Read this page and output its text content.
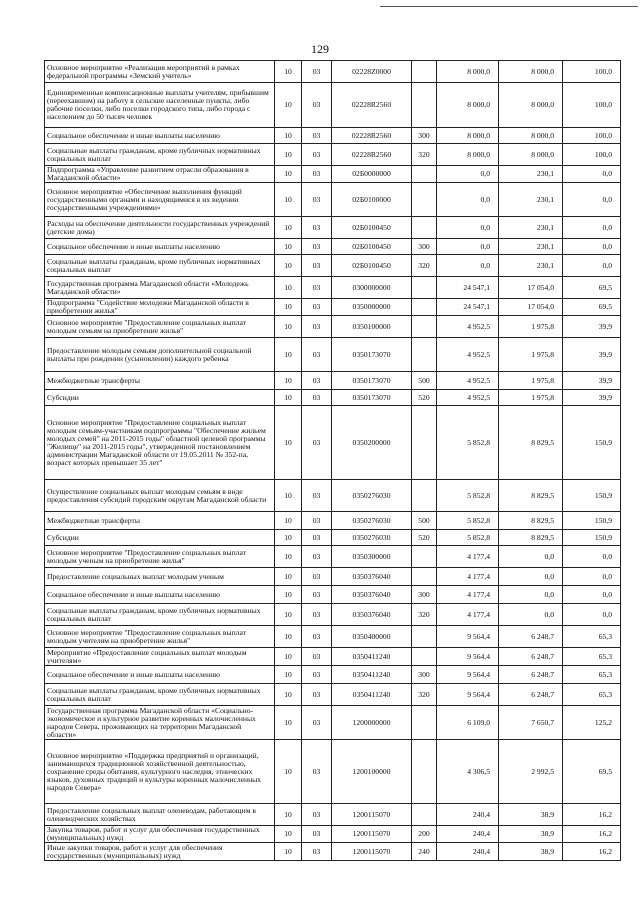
129
Основное мероприятие «Реализация мероприятий в рамках федеральной программы «Земский учитель»	10	03	02228Z0000		8 000,0	8 000,0	100,0
Единовременные компенсационные выплаты учителям, прибывшим (переехавшим) на работу в сельские населенные пункты, либо рабочие поселки, либо поселки городского типа, либо города с населением до 50 тысяч человек	10	03	02228R2560		8 000,0	8 000,0	100,0
Социальное обеспечение и иные выплаты населению	10	03	02228R2560	300	8 000,0	8 000,0	100,0
Социальные выплаты гражданам, кроме публичных нормативных социальных выплат	10	03	02228R2560	320	8 000,0	8 000,0	100,0
Подпрограмма «Управление развитием отрасли образования в Магаданской области»	10	03	02Б0000000		0,0	230,1	0,0
Основное мероприятие «Обеспечение выполнения функций государственными органами и находящимися в их ведении государственными учреждениями»	10	03	02Б0100000		0,0	230,1	0,0
Расходы на обеспечение деятельности государственных учреждений (детские дома)	10	03	02Б0100450		0,0	230,1	0,0
Социальное обеспечение и иные выплаты населению	10	03	02Б0100450	300	0,0	230,1	0,0
Социальные выплаты гражданам, кроме публичных нормативных социальных выплат	10	03	02Б0100450	320	0,0	230,1	0,0
Государственная программа Магаданской области «Молодежь Магаданской области»	10	03	0300000000		24 547,1	17 054,0	69,5
Подпрограмма "Содействие молодежи Магаданской области в приобретении жилья"	10	03	0350000000		24 547,1	17 054,0	69,5
Основное мероприятие "Предоставление социальных выплат молодым семьям на приобретение жилья"	10	03	0350100000		4 952,5	1 975,8	39,9
Предоставление молодым семьям дополнительной социальной выплаты при рождении (усыновлении) каждого ребенка	10	03	0350173070		4 952,5	1 975,8	39,9
Межбюджетные трансферты	10	03	0350173070	500	4 952,5	1 975,8	39,9
Субсидии	10	03	0350173070	520	4 952,5	1 975,8	39,9
Основное мероприятие "Предоставление социальных выплат молодым семьям-участникам подпрограммы "Обеспечение жильем молодых семей" на 2011-2015 годы" областной целевой программы "Жилище" на 2011-2015 годы", утвержденной постановлением администрации Магаданской области от 19.05.2011 № 352-па, возраст которых превышает 35 лет"	10	03	0350200000		5 852,8	8 829,5	150,9
Осуществление социальных выплат молодым семьям в виде предоставления субсидий городским округам Магаданской области	10	03	0350276030		5 852,8	8 829,5	150,9
Межбюджетные трансферты	10	03	0350276030	500	5 852,8	8 829,5	150,9
Субсидии	10	03	0350276030	520	5 852,8	8 829,5	150,9
Основное мероприятие "Предоставление социальных выплат молодым ученым на приобретение жилья"	10	03	0350300000		4 177,4	0,0	0,0
Предоставление социальных выплат молодым ученым	10	03	0350376040		4 177,4	0,0	0,0
Социальное обеспечение и иные выплаты населению	10	03	0350376040	300	4 177,4	0,0	0,0
Социальные выплаты гражданам, кроме публичных нормативных социальных выплат	10	03	0350376040	320	4 177,4	0,0	0,0
Основное мероприятие "Предоставление социальных выплат молодым учителям на приобретение жилья"	10	03	0350400000		9 564,4	6 248,7	65,3
Мероприятие «Предоставление социальных выплат молодым учителям»	10	03	0350411240		9 564,4	6 248,7	65,3
Социальное обеспечение и иные выплаты населению	10	03	0350411240	300	9 564,4	6 248,7	65,3
Социальные выплаты гражданам, кроме публичных нормативных социальных выплат	10	03	0350411240	320	9 564,4	6 248,7	65,3
Государственная программа Магаданской области «Социально-экономическое и культурное развитие коренных малочисленных народов Севера, проживающих на территории Магаданской области»	10	03	1200000000		6 109,0	7 650,7	125,2
Основное мероприятие «Поддержка предприятий и организаций, занимающихся традиционной хозяйственной деятельностью, сохранение среды обитания, культурного наследия, этнических языков, духовных традиций и культуры коренных малочисленных народов Севера»	10	03	1200100000		4 306,5	2 992,5	69,5
Предоставление социальных выплат оленеводам, работающим в оленеводческих хозяйствах	10	03	1200115070		240,4	38,9	16,2
Закупка товаров, работ и услуг для обеспечения государственных (муниципальных) нужд	10	03	1200115070	200	240,4	38,9	16,2
Иные закупки товаров, работ и услуг для обеспечения государственных (муниципальных) нужд	10	03	1200115070	240	240,4	38,9	16,2
